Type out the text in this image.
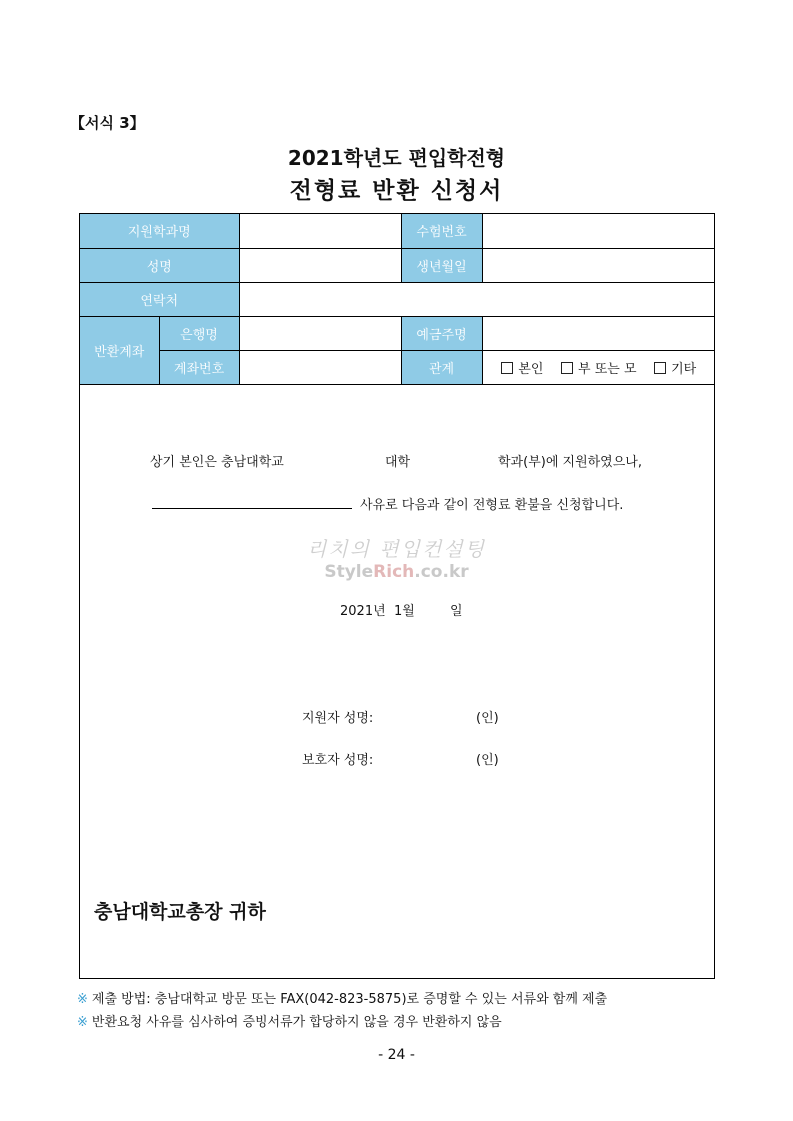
【서식 3】
2021학년도 편입학전형
전형료 반환 신청서
지원학과명			수험번호	
성명			생년월일	
연락처				
반환계좌	은행명		예금주명	
	계좌번호		관계	본인 부 또는 모 기타
상기 본인은 충남대학교	대학	학과(부)에 지원하였으나,
사유로 다음과 같이 전형료 환불을 신청합니다.
리치의 편입컨설팅
StyleRich.co.kr
2021년 1월	일
지원자 성명:	(인)
보호자 성명:	(인)
충남대학교총장 귀하
※ 제출 방법: 충남대학교 방문 또는 FAX(042-823-5875)로 증명할 수 있는 서류와 함께 제출
※ 반환요청 사유를 심사하여 증빙서류가 합당하지 않을 경우 반환하지 않음
- 24 -
